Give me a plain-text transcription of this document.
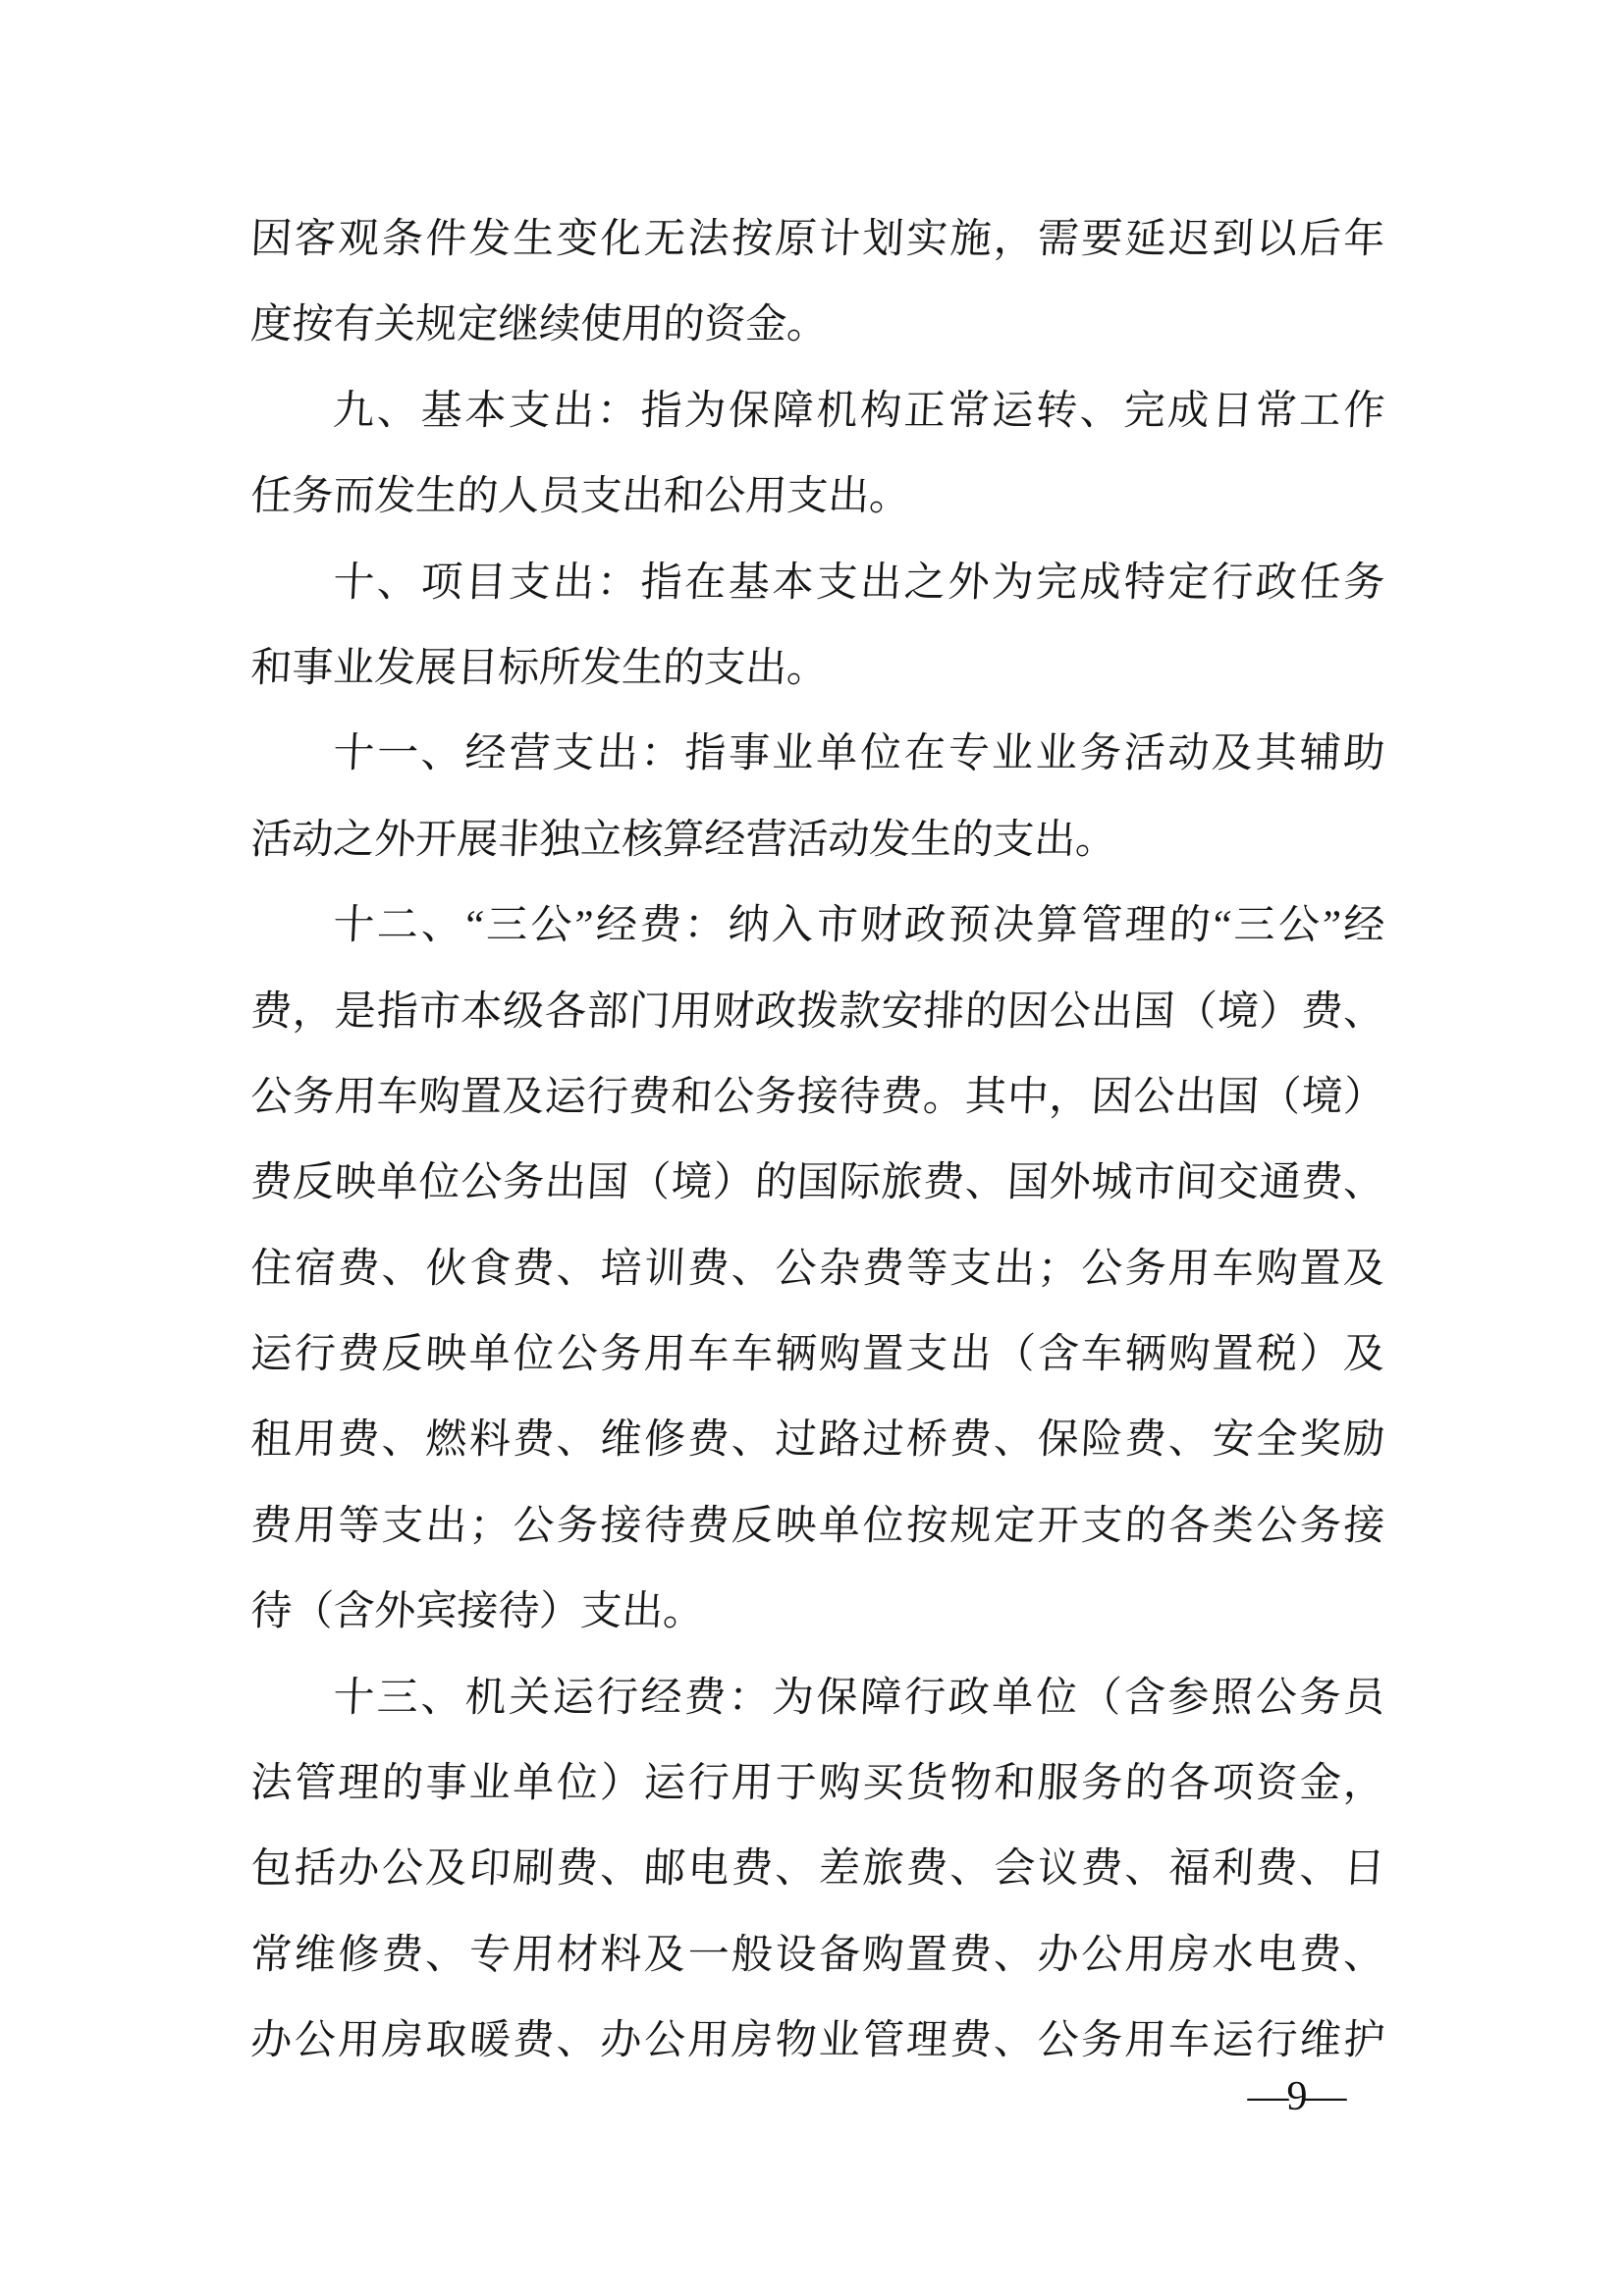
因客观条件发生变化无法按原计划实施，需要延迟到以后年
度按有关规定继续使用的资金。
九、基本支出：指为保障机构正常运转、完成日常工作
任务而发生的人员支出和公用支出。
十、项目支出：指在基本支出之外为完成特定行政任务
和事业发展目标所发生的支出。
十一、经营支出：指事业单位在专业业务活动及其辅助
活动之外开展非独立核算经营活动发生的支出。
十二、“三公”经费：纳入市财政预决算管理的“三公”经
费，是指市本级各部门用财政拨款安排的因公出国（境）费、
公务用车购置及运行费和公务接待费。其中，因公出国（境）
费反映单位公务出国（境）的国际旅费、国外城市间交通费、
住宿费、伙食费、培训费、公杂费等支出；公务用车购置及
运行费反映单位公务用车车辆购置支出（含车辆购置税）及
租用费、燃料费、维修费、过路过桥费、保险费、安全奖励
费用等支出；公务接待费反映单位按规定开支的各类公务接
待（含外宾接待）支出。
十三、机关运行经费：为保障行政单位（含参照公务员
法管理的事业单位）运行用于购买货物和服务的各项资金，
包括办公及印刷费、邮电费、差旅费、会议费、福利费、日
常维修费、专用材料及一般设备购置费、办公用房水电费、
办公用房取暖费、办公用房物业管理费、公务用车运行维护
—9—
